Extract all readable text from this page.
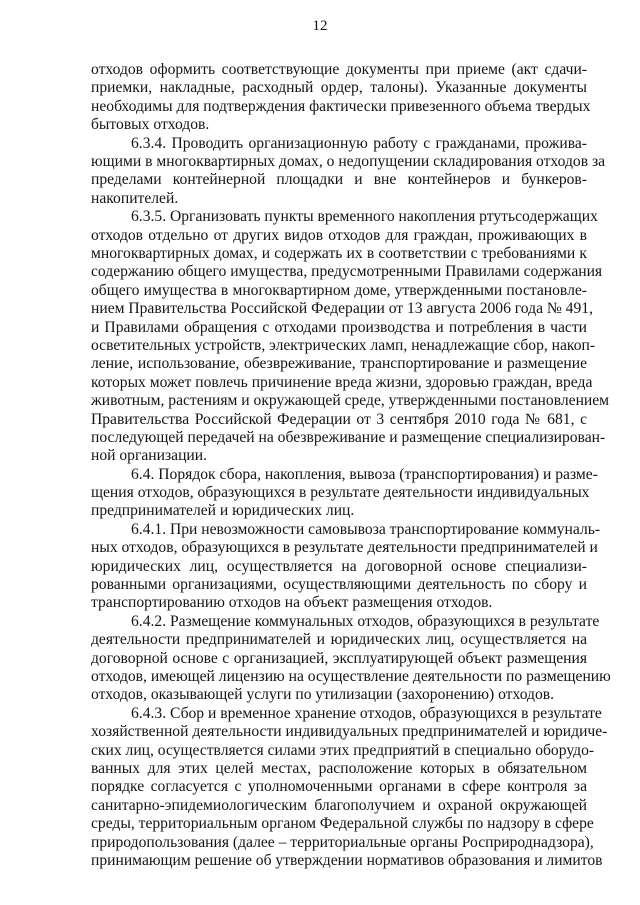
12
отходов оформить соответствующие документы при приеме (акт сдачи-
приемки, накладные, расходный ордер, талоны). Указанные документы
необходимы для подтверждения фактически привезенного объема твердых
бытовых отходов.
6.3.4. Проводить организационную работу с гражданами, прожива-
ющими в многоквартирных домах, о недопущении складирования отходов за
пределами контейнерной площадки и вне контейнеров и бункеров-
накопителей.
6.3.5. Организовать пункты временного накопления ртутьсодержащих
отходов отдельно от других видов отходов для граждан, проживающих в
многоквартирных домах, и содержать их в соответствии с требованиями к
содержанию общего имущества, предусмотренными Правилами содержания
общего имущества в многоквартирном доме, утвержденными постановле-
нием Правительства Российской Федерации от 13 августа 2006 года № 491,
и Правилами обращения с отходами производства и потребления в части
осветительных устройств, электрических ламп, ненадлежащие сбор, накоп-
ление, использование, обезвреживание, транспортирование и размещение
которых может повлечь причинение вреда жизни, здоровью граждан, вреда
животным, растениям и окружающей среде, утвержденными постановлением
Правительства Российской Федерации от 3 сентября 2010 года № 681, с
последующей передачей на обезвреживание и размещение специализирован-
ной организации.
6.4. Порядок сбора, накопления, вывоза (транспортирования) и разме-
щения отходов, образующихся в результате деятельности индивидуальных
предпринимателей и юридических лиц.
6.4.1. При невозможности самовывоза транспортирование коммуналь-
ных отходов, образующихся в результате деятельности предпринимателей и
юридических лиц, осуществляется на договорной основе специализи-
рованными организациями, осуществляющими деятельность по сбору и
транспортированию отходов на объект размещения отходов.
6.4.2. Размещение коммунальных отходов, образующихся в результате
деятельности предпринимателей и юридических лиц, осуществляется на
договорной основе с организацией, эксплуатирующей объект размещения
отходов, имеющей лицензию на осуществление деятельности по размещению
отходов, оказывающей услуги по утилизации (захоронению) отходов.
6.4.3. Сбор и временное хранение отходов, образующихся в результате
хозяйственной деятельности индивидуальных предпринимателей и юридиче-
ских лиц, осуществляется силами этих предприятий в специально оборудо-
ванных для этих целей местах, расположение которых в обязательном
порядке согласуется с уполномоченными органами в сфере контроля за
санитарно-эпидемиологическим благополучием и охраной окружающей
среды, территориальным органом Федеральной службы по надзору в сфере
природопользования (далее – территориальные органы Росприроднадзора),
принимающим решение об утверждении нормативов образования и лимитов
